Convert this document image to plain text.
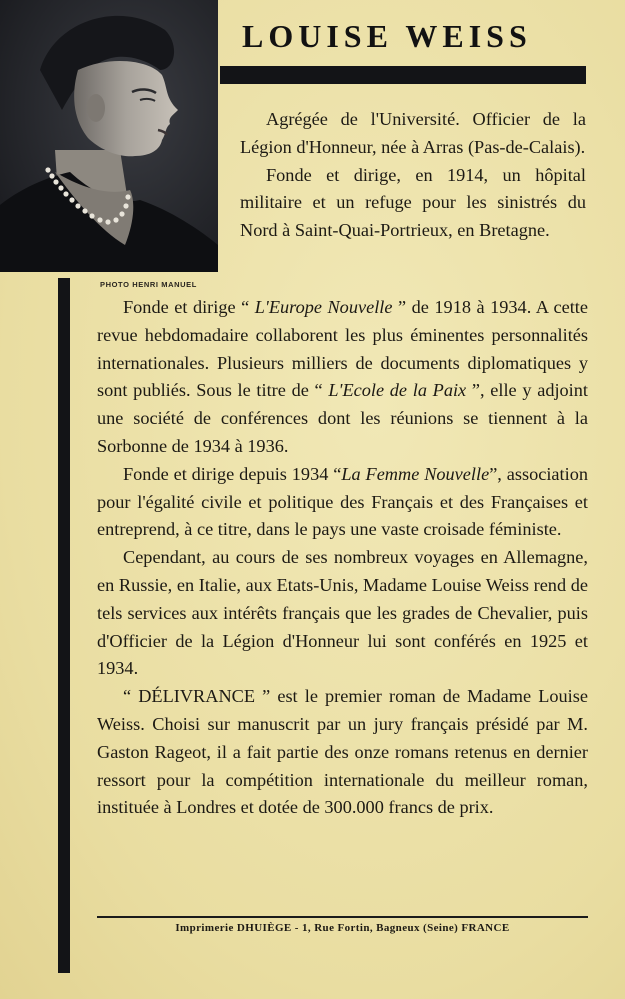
PHOTO HENRI MANUEL
LOUISE WEISS

Agrégée de l'Université. Officier de la Légion d'Honneur, née à Arras (Pas-de-Calais).

Fonde et dirige, en 1914, un hôpital militaire et un refuge pour les sinistrés du Nord à Saint-Quai-Portrieux, en Bretagne.

Fonde et dirige “ L'Europe Nouvelle ” de 1918 à 1934. A cette revue hebdomadaire collaborent les plus éminentes personnalités internationales. Plusieurs milliers de documents diplomatiques y sont publiés. Sous le titre de “ L'Ecole de la Paix ”, elle y adjoint une société de conférences dont les réunions se tiennent à la Sorbonne de 1934 à 1936.

Fonde et dirige depuis 1934 “La Femme Nouvelle”, association pour l'égalité civile et politique des Français et des Françaises et entreprend, à ce titre, dans le pays une vaste croisade féministe.

Cependant, au cours de ses nombreux voyages en Allemagne, en Russie, en Italie, aux Etats-Unis, Madame Louise Weiss rend de tels services aux intérêts français que les grades de Chevalier, puis d'Officier de la Légion d'Honneur lui sont conférés en 1925 et 1934.

“ DÉLIVRANCE ” est le premier roman de Madame Louise Weiss. Choisi sur manuscrit par un jury français présidé par M. Gaston Rageot, il a fait partie des onze romans retenus en dernier ressort pour la compétition internationale du meilleur roman, instituée à Londres et dotée de 300.000 francs de prix.

Imprimerie DHUIÈGE - 1, Rue Fortin, Bagneux (Seine) FRANCE
